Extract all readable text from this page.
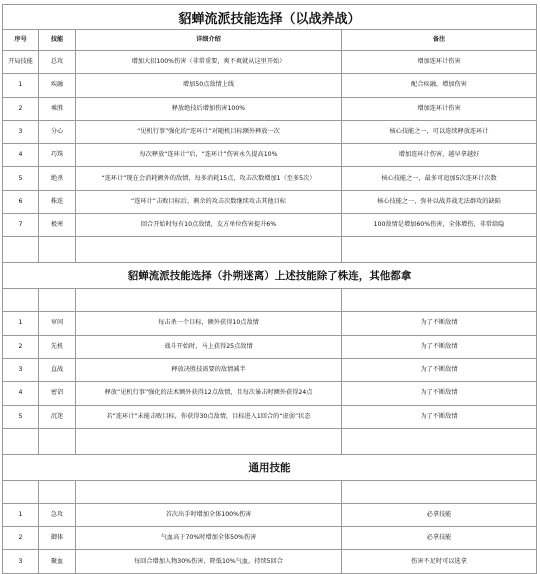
貂蝉流派技能选择（以战养战）
序号	技能	详细介绍	备注
开局技能	总攻	增加大招100%伤害（非常重要，爽不爽就从这里开始）	增加连环计伤害
1	疾融	增加50点敌情上线	配合疾融，增加伤害
2	乘胜	释放绝技后增加伤害100%	增加连环计伤害
3	分心	“见机行事”强化的“连环计”对随机目标额外释放一次	核心技能之一，可以连续释放连环计
4	巧珠	每次释放“连环计”后，“连环计”伤害永久提高10%	增加连环计伤害，越早拿越好
5	绝杀	“连环计”现在会消耗额外的敌情，每多消耗15点，攻击次数增加1（至多5次）	核心技能之一，最多可追加5次连环计次数
6	株连	“连环计”击败目标后，剩余的攻击次数继续攻击其他目标	核心技能之一，弥补以战养战无法群攻的缺陷
7	极寒	回合开始时每有10点敌情，友方单位伤害提升6%	100敌情是增加60%伤害，全体增伤，非常给隐
貂蝉流派技能选择（扑朔迷离）上述技能除了株连，其他都拿
1	审问	每击杀一个目标，额外获得10点敌情	为了不断敌情
2	先机	战斗开始时，马上获得25点敌情	为了不断敌情
3	直战	释放决胜技需要的敌情减半	为了不断敌情
4	密诏	释放“见机行事”强化的法术额外获得12点敌情，且每次暴击时额外获得24点	为了不断敌情
5	沉迷	若“连环计”未能击败目标，你获得30点敌情，目标进入1回合的“虚弱”状态	为了不断敌情
通用技能
1	急攻	首次出手时增加全体100%伤害	必拿技能
2	御体	气血高于70%时增加全体50%伤害	必拿技能
3	聚血	每回合增加人物30%伤害，降低10%气血，持续5回合	伤害不足时可以选拿
